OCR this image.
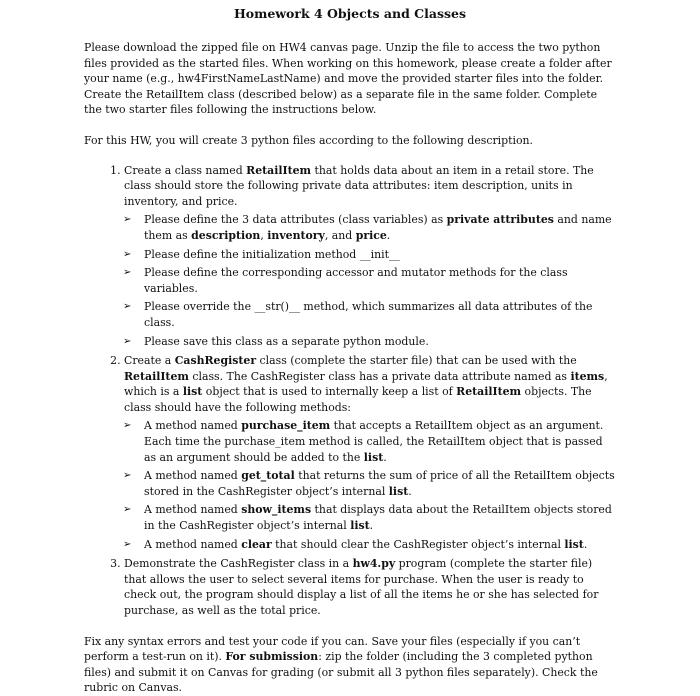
Homework 4 Objects and Classes

Please download the zipped file on HW4 canvas page. Unzip the file to access the two python files provided as the started files. When working on this homework, please create a folder after your name (e.g., hw4FirstNameLastName) and move the provided starter files into the folder. Create the RetailItem class (described below) as a separate file in the same folder. Complete the two starter files following the instructions below.

For this HW, you will create 3 python files according to the following description.

1. Create a class named RetailItem that holds data about an item in a retail store. The class should store the following private data attributes: item description, units in inventory, and price.
➢	Please define the 3 data attributes (class variables) as private attributes and name them as description, inventory, and price.
➢	Please define the initialization method __init__
➢	Please define the corresponding accessor and mutator methods for the class variables.
➢	Please override the __str()__ method, which summarizes all data attributes of the class.
➢	Please save this class as a separate python module.
2. Create a CashRegister class (complete the starter file) that can be used with the RetailItem class. The CashRegister class has a private data attribute named as items, which is a list object that is used to internally keep a list of RetailItem objects. The class should have the following methods:
➢	A method named purchase_item that accepts a RetailItem object as an argument. Each time the purchase_item method is called, the RetailItem object that is passed as an argument should be added to the list.
➢	A method named get_total that returns the sum of price of all the RetailItem objects stored in the CashRegister object’s internal list.
➢	A method named show_items that displays data about the RetailItem objects stored in the CashRegister object’s internal list.
➢	A method named clear that should clear the CashRegister object’s internal list.
3. Demonstrate the CashRegister class in a hw4.py program (complete the starter file) that allows the user to select several items for purchase. When the user is ready to check out, the program should display a list of all the items he or she has selected for purchase, as well as the total price.

Fix any syntax errors and test your code if you can. Save your files (especially if you can’t perform a test-run on it). For submission: zip the folder (including the 3 completed python files) and submit it on Canvas for grading (or submit all 3 python files separately). Check the rubric on Canvas.
